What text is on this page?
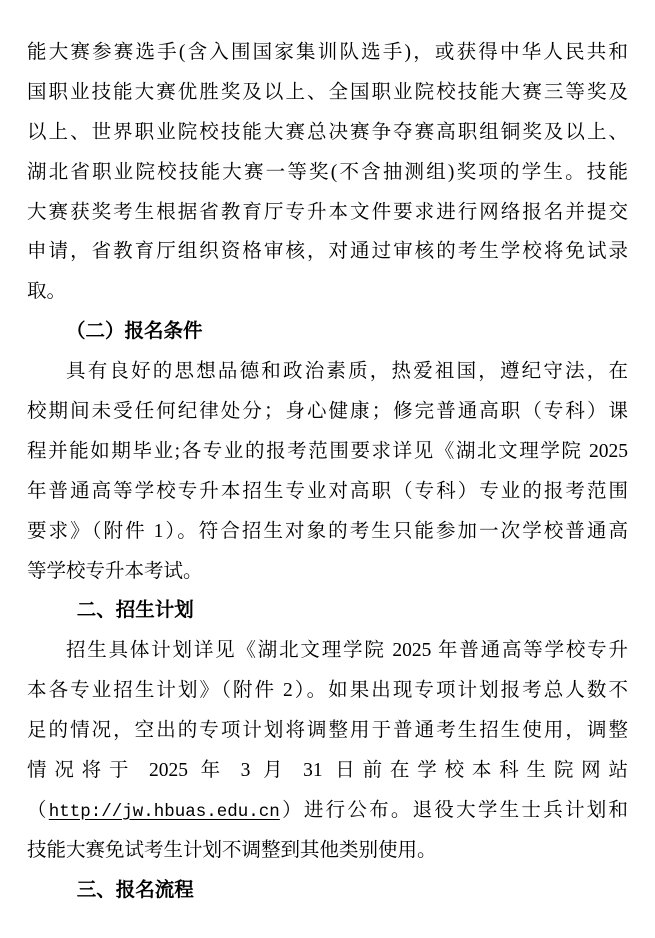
能大赛参赛选手(含入围国家集训队选手)，或获得中华人民共和
国职业技能大赛优胜奖及以上、全国职业院校技能大赛三等奖及
以上、世界职业院校技能大赛总决赛争夺赛高职组铜奖及以上、
湖北省职业院校技能大赛一等奖(不含抽测组)奖项的学生。技能
大赛获奖考生根据省教育厅专升本文件要求进行网络报名并提交
申请，省教育厅组织资格审核，对通过审核的考生学校将免试录
取。
（二）报名条件
具有良好的思想品德和政治素质，热爱祖国，遵纪守法，在
校期间未受任何纪律处分；身心健康；修完普通高职（专科）课
程并能如期毕业;各专业的报考范围要求详见《湖北文理学院 2025
年普通高等学校专升本招生专业对高职（专科）专业的报考范围
要求》（附件 1）。符合招生对象的考生只能参加一次学校普通高
等学校专升本考试。
二、招生计划
招生具体计划详见《湖北文理学院 2025 年普通高等学校专升
本各专业招生计划》（附件 2）。如果出现专项计划报考总人数不
足的情况，空出的专项计划将调整用于普通考生招生使用，调整
情况将于 2025 年 3 月 31 日前在学校本科生院网站
（http://jw.hbuas.edu.cn）进行公布。退役大学生士兵计划和
技能大赛免试考生计划不调整到其他类别使用。
三、报名流程
